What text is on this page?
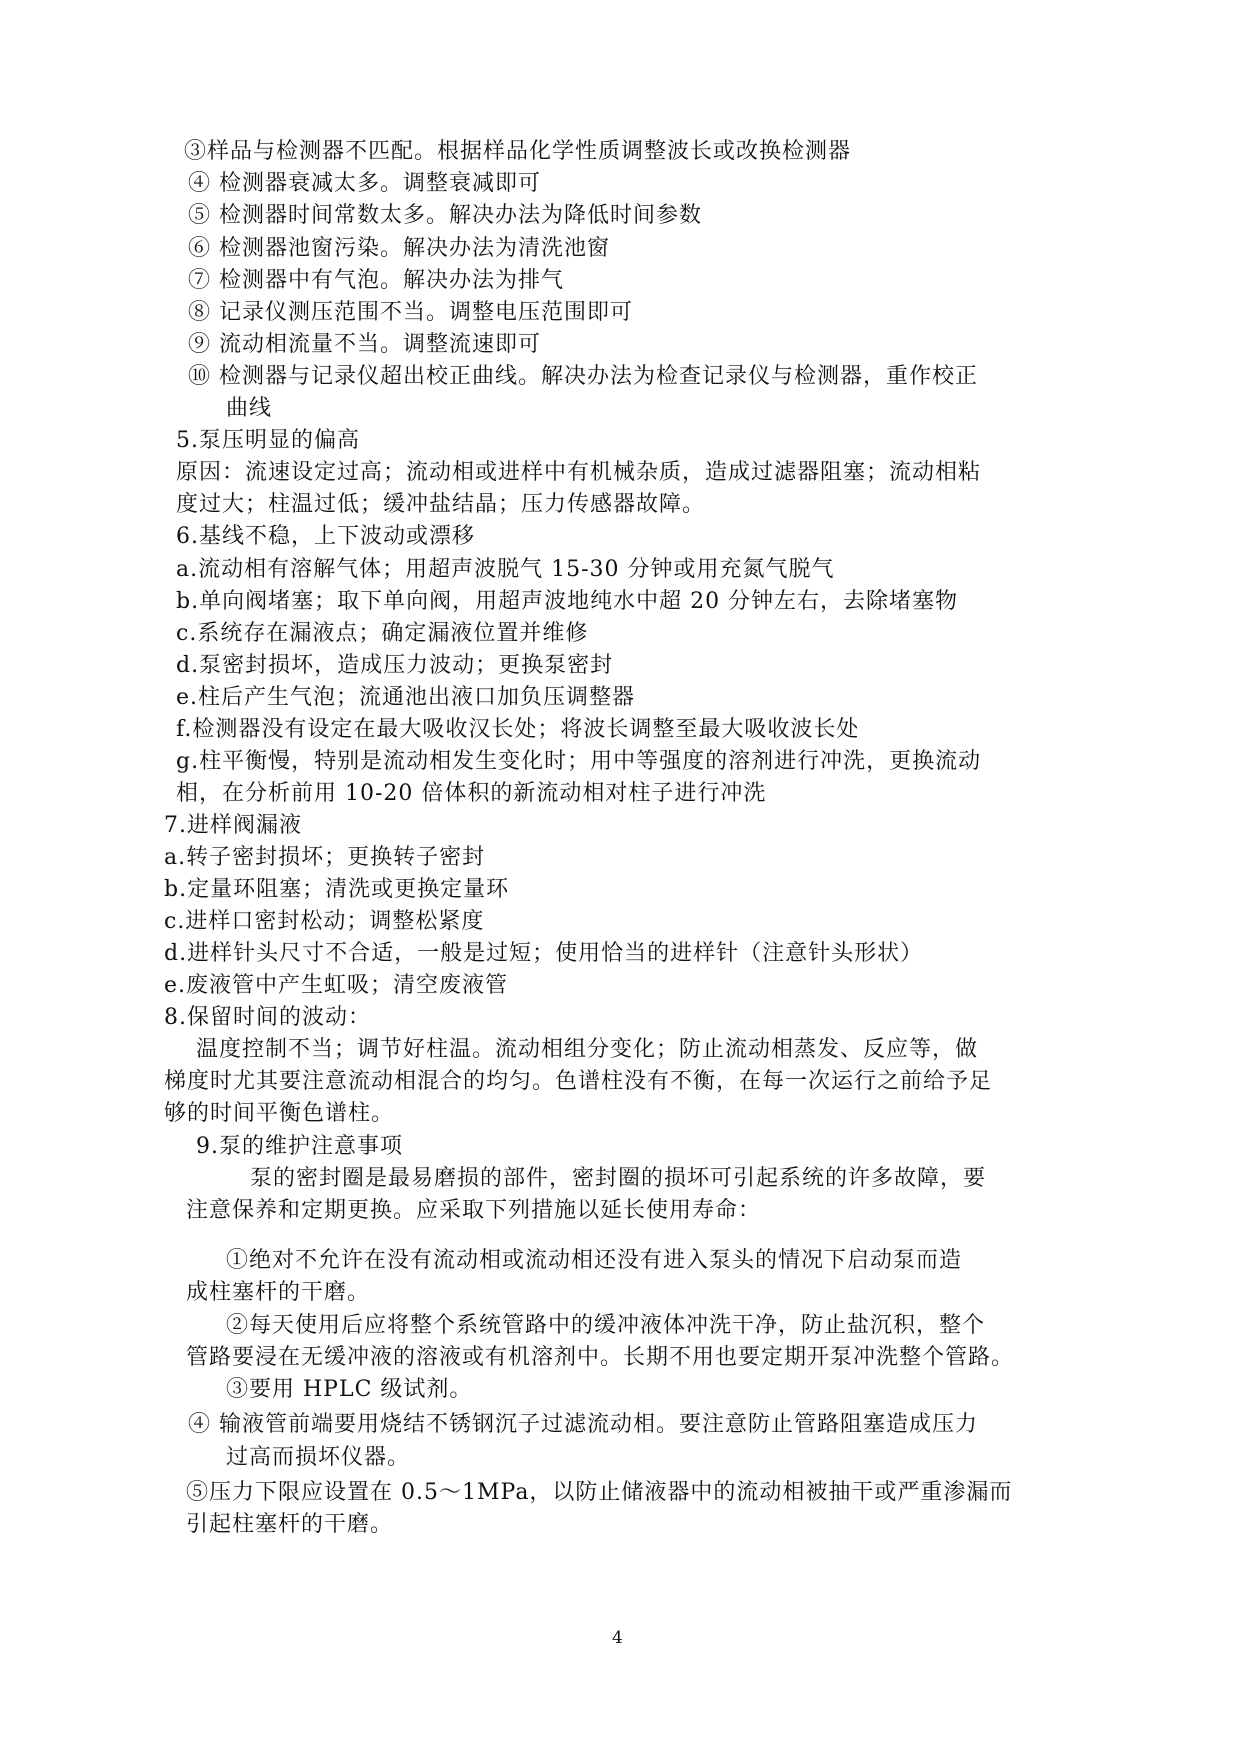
③样品与检测器不匹配。根据样品化学性质调整波长或改换检测器
④ 检测器衰减太多。调整衰减即可
⑤ 检测器时间常数太多。解决办法为降低时间参数
⑥ 检测器池窗污染。解决办法为清洗池窗
⑦ 检测器中有气泡。解决办法为排气
⑧ 记录仪测压范围不当。调整电压范围即可
⑨ 流动相流量不当。调整流速即可
⑩ 检测器与记录仪超出校正曲线。解决办法为检查记录仪与检测器，重作校正
曲线
5.泵压明显的偏高
原因：流速设定过高；流动相或进样中有机械杂质，造成过滤器阻塞；流动相粘
度过大；柱温过低；缓冲盐结晶；压力传感器故障。
6.基线不稳，上下波动或漂移
a.流动相有溶解气体；用超声波脱气 15-30 分钟或用充氮气脱气
b.单向阀堵塞；取下单向阀，用超声波地纯水中超 20 分钟左右，去除堵塞物
c.系统存在漏液点；确定漏液位置并维修
d.泵密封损坏，造成压力波动；更换泵密封
e.柱后产生气泡；流通池出液口加负压调整器
f.检测器没有设定在最大吸收汉长处；将波长调整至最大吸收波长处
g.柱平衡慢，特别是流动相发生变化时；用中等强度的溶剂进行冲洗，更换流动
相，在分析前用 10-20 倍体积的新流动相对柱子进行冲洗
7.进样阀漏液
a.转子密封损坏；更换转子密封
b.定量环阻塞；清洗或更换定量环
c.进样口密封松动；调整松紧度
d.进样针头尺寸不合适，一般是过短；使用恰当的进样针（注意针头形状）
e.废液管中产生虹吸；清空废液管
8.保留时间的波动：
温度控制不当；调节好柱温。流动相组分变化；防止流动相蒸发、反应等，做
梯度时尤其要注意流动相混合的均匀。色谱柱没有不衡，在每一次运行之前给予足
够的时间平衡色谱柱。
9.泵的维护注意事项
泵的密封圈是最易磨损的部件，密封圈的损坏可引起系统的许多故障，要
注意保养和定期更换。应采取下列措施以延长使用寿命：
①绝对不允许在没有流动相或流动相还没有进入泵头的情况下启动泵而造
成柱塞杆的干磨。
②每天使用后应将整个系统管路中的缓冲液体冲洗干净，防止盐沉积，整个
管路要浸在无缓冲液的溶液或有机溶剂中。长期不用也要定期开泵冲洗整个管路。
③要用 HPLC 级试剂。
④ 输液管前端要用烧结不锈钢沉子过滤流动相。要注意防止管路阻塞造成压力
过高而损坏仪器。
⑤压力下限应设置在 0.5～1MPa，以防止储液器中的流动相被抽干或严重渗漏而
引起柱塞杆的干磨。
4
